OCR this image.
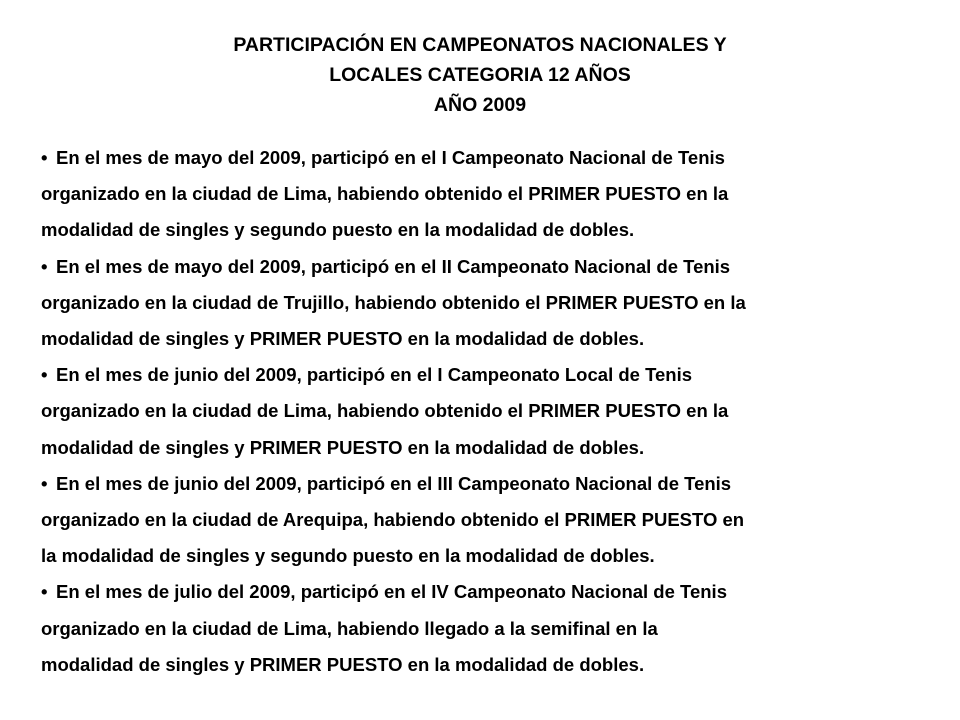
PARTICIPACIÓN EN CAMPEONATOS NACIONALES Y
LOCALES CATEGORIA 12 AÑOS
AÑO 2009
• En el mes de mayo del 2009, participó en el I Campeonato Nacional de Tenis
organizado en la ciudad de Lima, habiendo obtenido el PRIMER PUESTO en la
modalidad de singles y segundo puesto en la modalidad de dobles.
• En el mes de mayo del 2009, participó en el II Campeonato Nacional de Tenis
organizado en la ciudad de Trujillo, habiendo obtenido el PRIMER PUESTO en la
modalidad de singles y PRIMER PUESTO en la modalidad de dobles.
• En el mes de junio del 2009, participó en el I Campeonato Local de Tenis
organizado en la ciudad de Lima, habiendo obtenido el PRIMER PUESTO en la
modalidad de singles y PRIMER PUESTO en la modalidad de dobles.
• En el mes de junio del 2009, participó en el III Campeonato Nacional de Tenis
organizado en la ciudad de Arequipa, habiendo obtenido el PRIMER PUESTO en
la modalidad de singles y segundo puesto en la modalidad de dobles.
• En el mes de julio del 2009, participó en el IV Campeonato Nacional de Tenis
organizado en la ciudad de Lima, habiendo llegado a la semifinal en la
modalidad de singles y PRIMER PUESTO en la modalidad de dobles.
